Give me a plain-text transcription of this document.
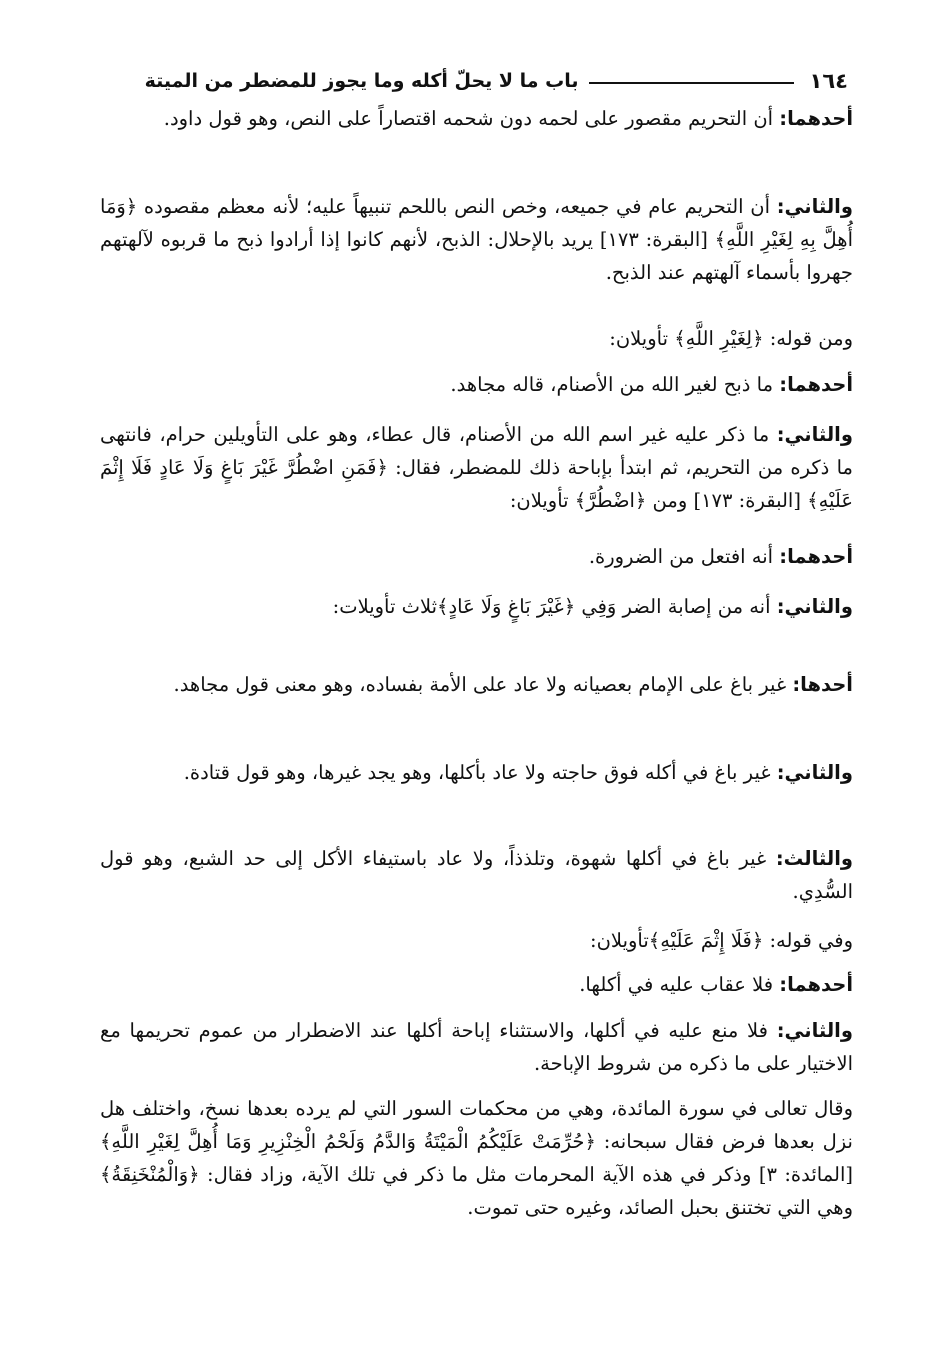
١٦٤
باب ما لا يحلّ أكله وما يجوز للمضطر من الميتة
أحدهما: أن التحريم مقصور على لحمه دون شحمه اقتصاراً على النص، وهو قول داود.
والثاني: أن التحريم عام في جميعه، وخص النص باللحم تنبيهاً عليه؛ لأنه معظم مقصوده ﴿وَمَا أُهِلَّ بِهِ لِغَيْرِ اللَّهِ﴾ [البقرة: ١٧٣] يريد بالإحلال: الذبح، لأنهم كانوا إذا أرادوا ذبح ما قربوه لآلهتهم جهروا بأسماء آلهتهم عند الذبح.
ومن قوله: ﴿لِغَيْرِ اللَّهِ﴾ تأويلان:
أحدهما: ما ذبح لغير الله من الأصنام، قاله مجاهد.
والثاني: ما ذكر عليه غير اسم الله من الأصنام، قال عطاء، وهو على التأويلين حرام، فانتهى ما ذكره من التحريم، ثم ابتدأ بإباحة ذلك للمضطر، فقال: ﴿فَمَنِ اضْطُرَّ غَيْرَ بَاغٍ وَلَا عَادٍ فَلَا إِثْمَ عَلَيْهِ﴾ [البقرة: ١٧٣] ومن ﴿اضْطُرَّ﴾ تأويلان:
أحدهما: أنه افتعل من الضرورة.
والثاني: أنه من إصابة الضر وَفِي ﴿غَيْرَ بَاغٍ وَلَا عَادٍ﴾ثلاث تأويلات:
أحدها: غير باغ على الإمام بعصيانه ولا عاد على الأمة بفساده، وهو معنى قول مجاهد.
والثاني: غير باغ في أكله فوق حاجته ولا عاد بأكلها، وهو يجد غيرها، وهو قول قتادة.
والثالث: غير باغ في أكلها شهوة، وتلذذاً، ولا عاد باستيفاء الأكل إلى حد الشبع، وهو قول السُّدِي.
وفي قوله: ﴿فَلَا إِثْمَ عَلَيْهِ﴾تأويلان:
أحدهما: فلا عقاب عليه في أكلها.
والثاني: فلا منع عليه في أكلها، والاستثناء إباحة أكلها عند الاضطرار من عموم تحريمها مع الاختيار على ما ذكره من شروط الإباحة.
وقال تعالى في سورة المائدة، وهي من محكمات السور التي لم يرده بعدها نسخ، واختلف هل نزل بعدها فرض فقال سبحانه: ﴿حُرِّمَتْ عَلَيْكُمُ الْمَيْتَةُ وَالدَّمُ وَلَحْمُ الْخِنْزِيرِ وَمَا أُهِلَّ لِغَيْرِ اللَّهِ﴾ [المائدة: ٣] وذكر في هذه الآية المحرمات مثل ما ذكر في تلك الآية، وزاد فقال: ﴿وَالْمُنْخَنِقَةُ﴾ وهي التي تختنق بحبل الصائد، وغيره حتى تموت.
